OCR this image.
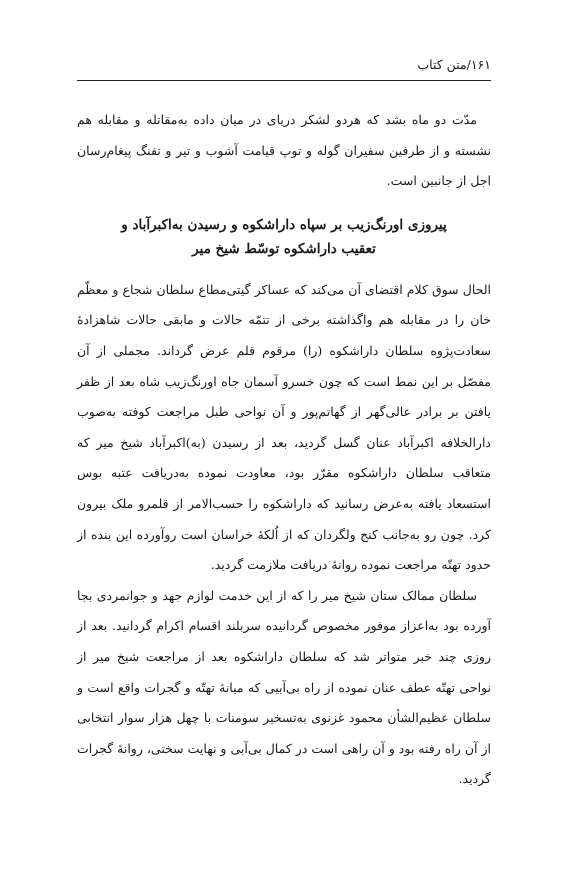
۱۶۱/متن کتاب

مدّت دو ماه بشد که هردو لشکر دریای در میان داده به‌مقاتله و مقابله هم نشسته و از طرفین سفیران گوله و توپ قیامت آشوب و تیر و تفنگ پیغام‌رسان اجل از جانبین است.

پیروزی اورنگ‌زیب بر سپاه داراشکوه و رسیدن به‌اکبرآباد و
تعقیب داراشکوه توسّط شیخ میر

الحال سوق کلام اقتضای آن می‌کند که عساکر گیتی‌مطاع سلطان شجاع و معظّم خان را در مقابله هم واگذاشته برخی از تتمّه حالات و مابقی حالات شاهزادهٔ سعادت‌پژوه سلطان داراشکوه (را) مرقوم قلم عرض گرداند. مجملی از آن مفصّل بر این نمط است که چون خسرو آسمان جاه اورنگ‌زیب شاه بعد از ظفر یافتن بر برادر عالی‌گهر از گهاتم‌پور و آن نواحی طبل مراجعت کوفته به‌صوب دارالخلافه اکبرآباد عنان گسل گردید، بعد از رسیدن (به)اکبرآباد شیخ میر که متعاقب سلطان داراشکوه مقرّر بود، معاودت نموده به‌دریافت عتبه بوس استسعاد یافته به‌عرض رسانید که داراشکوه را حسب‌الامر از قلمرو ملک بیرون کرد. چون رو به‌جانب کنج ولگردان که از اُلکهٔ خراسان است روآورده این بنده از حدود تهتّه مراجعت نموده روانهٔ دریافت ملازمت گردید.

سلطان ممالک ستان شیخ میر را که از این خدمت لوازم جهد و جوانمردی بجا آورده بود به‌اعزاز موفور مخصوص گردانیده سربلند اقسام اکرام گردانید. بعد از روزی چند خبر متواتر شد که سلطان داراشکوه بعد از مراجعت شیخ میر از نواحی تهتّه عطف عنان نموده از راه بی‌آبیی که میانهٔ تهتّه و گجرات واقع است و سلطان عظیم‌الشأن محمود غزنوی به‌تسخیر سومنات با چهل هزار سوار انتخابی از آن راه رفته بود و آن راهی است در کمال بی‌آبی و نهایت سختی، روانهٔ گجرات گردید.
